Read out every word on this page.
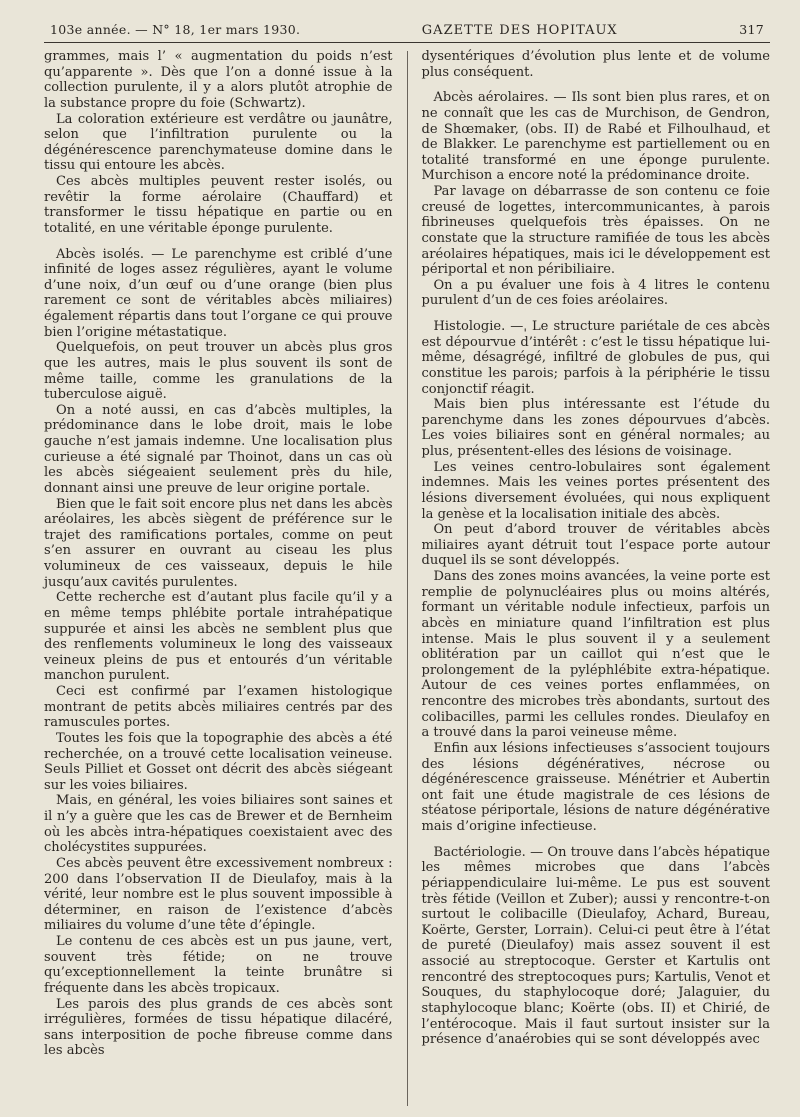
103e année. — N° 18, 1er mars 1930.	GAZETTE DES HOPITAUX	317

grammes, mais l’ « augmentation du poids n’est qu’apparente ». Dès que l’on a donné issue à la collection purulente, il y a alors plutôt atrophie de la substance propre du foie (Schwartz).

La coloration extérieure est verdâtre ou jaunâtre, selon que l’infiltration purulente ou la dégénérescence parenchymateuse domine dans le tissu qui entoure les abcès.

Ces abcès multiples peuvent rester isolés, ou revêtir la forme aérolaire (Chauffard) et transformer le tissu hépatique en partie ou en totalité, en une véritable éponge purulente.

Abcès isolés. — Le parenchyme est criblé d’une infinité de loges assez régulières, ayant le volume d’une noix, d’un œuf ou d’une orange (bien plus rarement ce sont de véritables abcès miliaires) également répartis dans tout l’organe ce qui prouve bien l’origine métastatique.

Quelquefois, on peut trouver un abcès plus gros que les autres, mais le plus souvent ils sont de même taille, comme les granulations de la tuberculose aiguë.

On a noté aussi, en cas d’abcès multiples, la prédominance dans le lobe droit, mais le lobe gauche n’est jamais indemne. Une localisation plus curieuse a été signalé par Thoinot, dans un cas où les abcès siégeaient seulement près du hile, donnant ainsi une preuve de leur origine portale.

Bien que le fait soit encore plus net dans les abcès aréolaires, les abcès siègent de préférence sur le trajet des ramifications portales, comme on peut s’en assurer en ouvrant au ciseau les plus volumineux de ces vaisseaux, depuis le hile jusqu’aux cavités purulentes.

Cette recherche est d’autant plus facile qu’il y a en même temps phlébite portale intrahépatique suppurée et ainsi les abcès ne semblent plus que des renflements volumineux le long des vaisseaux veineux pleins de pus et entourés d’un véritable manchon purulent.

Ceci est confirmé par l’examen histologique montrant de petits abcès miliaires centrés par des ramuscules portes.

Toutes les fois que la topographie des abcès a été recherchée, on a trouvé cette localisation veineuse. Seuls Pilliet et Gosset ont décrit des abcès siégeant sur les voies biliaires.

Mais, en général, les voies biliaires sont saines et il n’y a guère que les cas de Brewer et de Bernheim où les abcès intra-hépatiques coexistaient avec des cholécystites suppurées.

Ces abcès peuvent être excessivement nombreux : 200 dans l’observation II de Dieulafoy, mais à la vérité, leur nombre est le plus souvent impossible à déterminer, en raison de l’existence d’abcès miliaires du volume d’une tête d’épingle.

Le contenu de ces abcès est un pus jaune, vert, souvent très fétide; on ne trouve qu’exceptionnellement la teinte brunâtre si fréquente dans les abcès tropicaux.

Les parois des plus grands de ces abcès sont irrégulières, formées de tissu hépatique dilacéré, sans interposition de poche fibreuse comme dans les abcès

dysentériques d’évolution plus lente et de volume plus conséquent.

Abcès aérolaires. — Ils sont bien plus rares, et on ne connaît que les cas de Murchison, de Gendron, de Shœmaker, (obs. II) de Rabé et Filhoulhaud, et de Blakker. Le parenchyme est partiellement ou en totalité transformé en une éponge purulente. Murchison a encore noté la prédominance droite.

Par lavage on débarrasse de son contenu ce foie creusé de logettes, intercommunicantes, à parois fibrineuses quelquefois très épaisses. On ne constate que la structure ramifiée de tous les abcès aréolaires hépatiques, mais ici le développement est périportal et non péribiliaire.

On a pu évaluer une fois à 4 litres le contenu purulent d’un de ces foies aréolaires.

Histologie. —ˌ Le structure pariétale de ces abcès est dépourvue d’intérêt : c’est le tissu hépatique lui-même, désagrégé, infiltré de globules de pus, qui constitue les parois; parfois à la périphérie le tissu conjonctif réagit.

Mais bien plus intéressante est l’étude du parenchyme dans les zones dépourvues d’abcès. Les voies biliaires sont en général normales; au plus, présentent-elles des lésions de voisinage.

Les veines centro-lobulaires sont également indemnes. Mais les veines portes présentent des lésions diversement évoluées, qui nous expliquent la genèse et la localisation initiale des abcès.

On peut d’abord trouver de véritables abcès miliaires ayant détruit tout l’espace porte autour duquel ils se sont développés.

Dans des zones moins avancées, la veine porte est remplie de polynucléaires plus ou moins altérés, formant un véritable nodule infectieux, parfois un abcès en miniature quand l’infiltration est plus intense. Mais le plus souvent il y a seulement oblitération par un caillot qui n’est que le prolongement de la pyléphlébite extra-hépatique. Autour de ces veines portes enflammées, on rencontre des microbes très abondants, surtout des colibacilles, parmi les cellules rondes. Dieulafoy en a trouvé dans la paroi veineuse même.

Enfin aux lésions infectieuses s’associent toujours des lésions dégénératives, nécrose ou dégénérescence graisseuse. Ménétrier et Aubertin ont fait une étude magistrale de ces lésions de stéatose périportale, lésions de nature dégénérative mais d’origine infectieuse.

Bactériologie. — On trouve dans l’abcès hépatique les mêmes microbes que dans l’abcès périappendiculaire lui-même. Le pus est souvent très fétide (Veillon et Zuber); aussi y rencontre-t-on surtout le colibacille (Dieulafoy, Achard, Bureau, Koërte, Gerster, Lorrain). Celui-ci peut être à l’état de pureté (Dieulafoy) mais assez souvent il est associé au streptocoque. Gerster et Kartulis ont rencontré des streptocoques purs; Kartulis, Venot et Souques, du staphylocoque doré; Jalaguier, du staphylocoque blanc; Koërte (obs. II) et Chirié, de l’entérocoque. Mais il faut surtout insister sur la présence d’anaérobies qui se sont développés avec
